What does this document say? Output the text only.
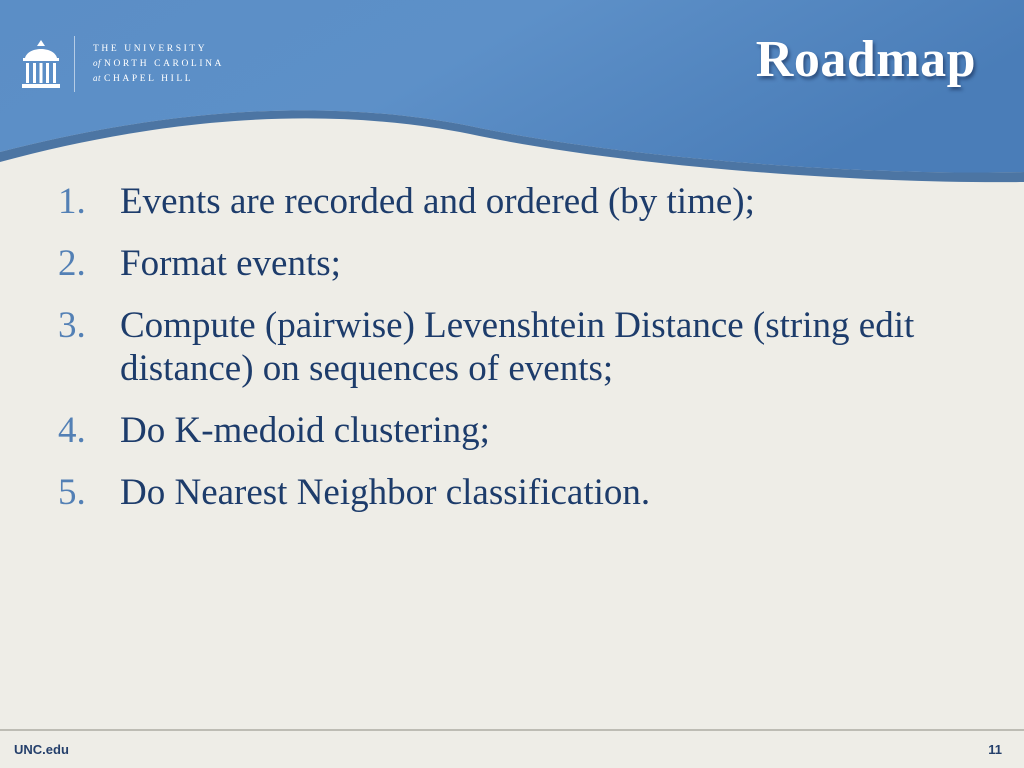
THE UNIVERSITY
of NORTH CAROLINA
at CHAPEL HILL	Roadmap
1. Events are recorded and ordered (by time);
2. Format events;
3. Compute (pairwise) Levenshtein Distance (string edit distance) on sequences of events;
4. Do K-medoid clustering;
5. Do Nearest Neighbor classification.
UNC.edu	11
